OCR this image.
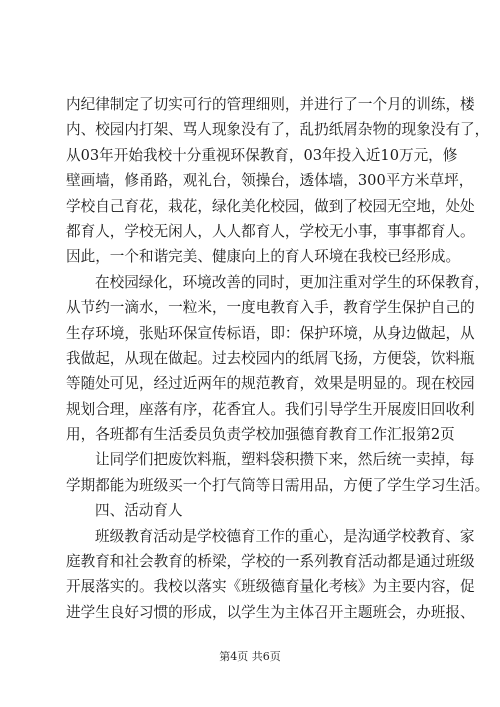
内纪律制定了切实可行的管理细则，并进行了一个月的训练，楼
内、校园内打架、骂人现象没有了，乱扔纸屑杂物的现象没有了，
从03年开始我校十分重视环保教育，03年投入近10万元，修
壁画墙，修甬路，观礼台，领操台，透体墙，300平方米草坪，
学校自己育花，栽花，绿化美化校园，做到了校园无空地，处处
都育人，学校无闲人，人人都育人，学校无小事，事事都育人。
因此，一个和谐完美、健康向上的育人环境在我校已经形成。
在校园绿化，环境改善的同时，更加注重对学生的环保教育，
从节约一滴水，一粒米，一度电教育入手，教育学生保护自己的
生存环境，张贴环保宣传标语，即：保护环境，从身边做起，从
我做起，从现在做起。过去校园内的纸屑飞扬，方便袋，饮料瓶
等随处可见，经过近两年的规范教育，效果是明显的。现在校园
规划合理，座落有序，花香宜人。我们引导学生开展废旧回收利
用，各班都有生活委员负责学校加强德育教育工作汇报第2页
让同学们把废饮料瓶，塑料袋积攒下来，然后统一卖掉，每
学期都能为班级买一个打气筒等日需用品，方便了学生学习生活。
四、活动育人
班级教育活动是学校德育工作的重心，是沟通学校教育、家
庭教育和社会教育的桥梁，学校的一系列教育活动都是通过班级
开展落实的。我校以落实《班级德育量化考核》为主要内容，促
进学生良好习惯的形成，以学生为主体召开主题班会，办班报、
第4页 共6页
